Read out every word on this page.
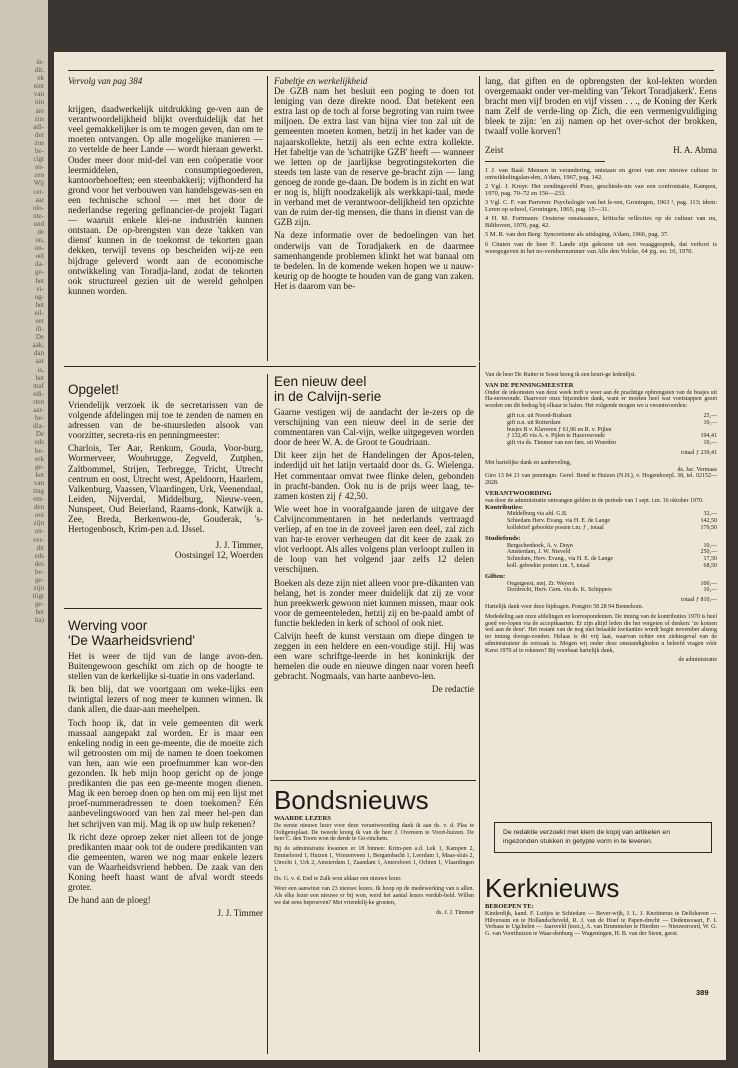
in-
dit,
ek
niet
van
nin
are
zus
adi-
der
zus
be-
cigt
on-
zen
Wij
cer-
aar
olo-
nte-
und
de
on,
on-
oel
da-
ge-
het
vi-
ug-
het
eil-
eer
ift-
De
aak,
dan
aar
is,
het
maf
edi-
rten
aar-
be-
dia-
De
eds
be-
erk
ge-
ket
van
ting
em-
den
ooi
zijn
on-
ver-
dit
eds
des
be-
ge-
zijn
tiigt
ge-
het
ita)

Vervolg van pag 384

krijgen, daadwerkelijk uitdrukking ge-ven aan de verantwoordelijkheid blijkt overduidelijk dat het veel gemakkelijker is om te mogen geven, dan om te moeten ontvangen. Op alle mogelijke manieren — zo vertelde de heer Lande — wordt hieraan gewerkt. Onder meer door mid-del van een coöperatie voor leermiddelen, consumptiegoederen, kantoorbehoeften; een steenbakkerij; vijfhonderd ha grond voor het verbouwen van handelsgewas-sen en een technische school — met het door de nederlandse regering gefinancier-de projekt Tagari — waaruit enkele klei-ne industriën kunnen ontstaan. De op-brengsten van deze 'takken van dienst' kunnen in de toekomst de tekorten gaan dekken, terwijl tevens op bescheiden wij-ze een bijdrage geleverd wordt aan de economische ontwikkeling van Toradja-land, zodat de tekorten ook structureel gezien uit de wereld geholpen kunnen worden.

Fabeltje en werkelijkheid

De GZB nam het besluit een poging te doen tot leniging van deze direkte nood. Dat betekent een extra last op de toch al forse begroting van ruim twee miljoen. De extra last van bijna vier ton zal uit de gemeenten moeten komen, hetzij in het kader van de najaarskollekte, hetzij als een echte extra kollekte. Het fabeltje van de 'schatrijke GZB' heeft — wanneer we letten op de jaarlijkse begrotingstekorten die steeds ten laste van de reserve ge-bracht zijn — lang genoeg de ronde ge-daan. De bodem is in zicht en wat er nog is, blijft noodzakelijk als werkkapi-taal, mede in verband met de verantwoor-delijkheid ten opzichte van de ruim der-tig mensen, die thans in dienst van de GZB zijn.

Na deze informatie over de bedoelingen van het onderwijs van de Toradjakerk en de daarmee samenhangende problemen klinkt het wat banaal om te bedelen. In de komende weken hopen we u nauw-keurig op de hoogte te houden van de gang van zaken. Het is daarom van be-

lang, dat giften en de opbrengsten der kol-lekten worden overgemaakt onder ver-melding van 'Tekort Toradjakerk'. Eens bracht men vijf broden en vijf vissen . . ., de Koning der Kerk nam Zelf de verde-ling op Zich, die een vermenigvuldiging bleek te zijn: 'en zij namen op het over-schot der brokken, twaalf volle korven'!

Zeist	H. A. Abma

1 J. van Baal: Mensen in verandering, ontstaan en groei van een nieuwe cultuur in ontwikkelingslan-den, A'dam, 1967, pag. 142.

2 Vgl. J. Kruyt: Het zendingsveld Poso, geschiede-nis van een confrontatie, Kampen, 1970, pag. 70–72 en 156—233.

3 Vgl. C. F. van Parreren: Psychologie van het le-ren, Groningen, 1963 ², pag. 113; idem: Leren op school, Groningen, 1965, pag. 15—31.

4 H. M. Fortmann: Oosterse renaissance, kritische reflecties op de cultuur van nu, Bilthoven, 1970, pag. 42.

5 M. R. van den Berg: Syncretisme als uitdaging, A'dam, 1966, pag. 37.

6 Citaten van de heer F. Lande zijn gekozen uit een vraaggesprek, dat verkort is weergegeven in het no-vembernummer van Alle den Volcke, 64 jrg. no. 10, 1970.

Opgelet!

Vriendelijk verzoek ik de secretarissen van de volgende afdelingen mij toe te zenden de namen en adressen van de be-stuursleden alsook van voorzitter, secreta-ris en penningmeester:

Charlois, Ter Aar, Renkum, Gouda, Voor-burg, Wormerveer, Woubrugge, Zegveld, Zutphen, Zaltbommel, Strijen, Terbregge, Tricht, Utrecht centrum en oost, Utrecht west, Apeldoorn, Haarlem, Valkenburg, Vaassen, Vlaardingen, Urk, Veenendaal, Leiden, Nijverdal, Middelburg, Nieuw-veen, Nunspeet, Oud Beierland, Raams-donk, Katwijk a. Zee, Breda, Berkenwou-de, Gouderak, 's-Hertogenbosch, Krim-pen a.d. IJssel.

J. J. Timmer,

Oostsingel 12, Woerden

Werving voor
'De Waarheidsvriend'

Het is weer de tijd van de lange avon-den. Buitengewoon geschikt om zich op de hoogte te stellen van de kerkelijke si-tuatie in ons vaderland.

Ik ben blij, dat we voortgaan om weke-lijks een twintigtal lezers of nog meer te kunnen winnen. Ik dank allen, die daar-aan meehelpen.

Toch hoop ik, dat in vele gemeenten dit werk massaal aangepakt zal worden. Er is maar een enkeling nodig in een ge-meente, die de moeite zich wil getroosten om mij de namen te doen toekomen van hen, aan wie een proefnummer kan wor-den gezonden. Ik heb mijn hoop gericht op de jonge predikanten die pas een ge-meente mogen dienen. Mag ik een beroep doen op hen om mij een lijst met proef-nummeradressen te doen toekomen? Eén aanbevelingswoord van hen zal meer hel-pen dan het schrijven van mij. Mag ik op uw hulp rekenen?

Ik richt deze oproep zeker niet alleen tot de jonge predikanten maar ook tot de oudere predikanten van die gemeenten, waren we nog maar enkele lezers van de Waarheidsvriend hebben. De zaak van den Koning heeft haast want de afval wordt steeds groter.

De hand aan de ploeg!

J. J. Timmer

Een nieuw deel
in de Calvijn-serie

Gaarne vestigen wij de aandacht der le-zers op de verschijning van een nieuw deel in de serie der commentaren van Cal-vijn, welke uitgegeven worden door de heer W. A. de Groot te Goudriaan.

Dit keer zijn het de Handelingen der Apos-telen, inderdijd uit het latijn vertaald door ds. G. Wielenga. Het commentaar omvat twee flinke delen, gebonden in pracht-banden. Ook nu is de prijs weer laag, te-zamen kosten zij ƒ 42,50.

Wie weet hoe in voorafgaande jaren de uitgave der Calvijncommentaren in het nederlands vertraagd verliep, af en toe in de zoveel jaren een deel, zal zich van har-te erover verheugen dat dit keer de zaak zo vlot verloopt. Als alles volgens plan verloopt zullen in de loop van het volgend jaar zelfs 12 delen verschijnen.

Boeken als deze zijn niet alleen voor pre-dikanten van belang, het is zonder meer duidelijk dat zij ze voor hun preekwerk gewoon niet kunnen missen, maar ook voor de gemeenteleden, hetzij zij en be-paald ambt of functie bekleden in kerk of school of ook niet.

Calvijn heeft de kunst verstaan om diepe dingen te zeggen in een heldere en een-voudige stijl. Hij was een ware schriftge-leerde in het koninkrijk der hemelen die oude en nieuwe dingen naar voren heeft gebracht. Nogmaals, van harte aanbevo-len.

De redactie

Bondsnieuws

WAARDE LEZERS

De eerste nieuwe lezer voor deze verantwoording dank ik aan ds. v. d. Plas te Ooltgensplaat. De tweede kreeg ik van de heer J. Overeem te Voort-huizen. De heer C. den Toom won de derde te Go-rinchem.

Bij de administratie kwamen er 18 binnen: Krim-pen a.d. Lek 1, Kampen 2, Emmeloord 1, Huizen 1, Vriezenveen 1, Bergambacht 1, Leerdam 1, Maas-sluis 2, Utrecht 1, Urk 2, Amsterdam 1, Zaandam 1, Amersfoort 1, Ochten 1, Vlaardingen 1.

Ds. G. v. d. End te Zalk won aldaar een nieuwe lezer.

Weer een aanwinst van 23 nieuwe lezers. Ik hoop op de medewerking van u allen. Als elke lezer een nieuwe er bij won, werd het aantal lezers verdub-beld. Willen we dat eens beproeven? Met vriendelij-ke groeten,

ds. J. J. Timmer

Van de heer De Ruiter te Soest kreeg ik een keuri-ge ledenlijst.

VAN DE PENNINGMEESTER

Onder de inkomsten van deze week treft u weer aan de prachtige opbrengsten van de busjes uit Ha-zerswoude. Daarvoor onze bijzondere dank, want er moeten heel wat voetstappen gezet worden om dit bedrag bij elkaar te halen. Het volgende mogen we u verantwoorden:

gift n.n. uit Noord-Brabant	25,—
gift n.n. uit Rotterdam	10,—
busjes B v. Klaveren ƒ 61,96 en R. v. Pijlen
ƒ 132,45 via A. v. Pijlen te Hazerswoude	194,41
gift via ds. Timmer van een fam. uit Woerden	10,—

totaal ƒ 239,41

Met hartelijke dank en aanbeveling,

ds. Jac. Vermaas

Giro 13 84 21 van penningm. Geref. Bond te Huizen (N.H.), v. Hogendoorpl. 38, tel. 02152—2028.

VERANTWOORDING

van door de administratie ontvangen gelden in de periode van 1 sept. t.m. 16 oktober 1970.

Kontributies:

Middelburg via afd. G.B.	32,—
Schiedam Herv. Evang. via H. E. de Lange	142,50
kollektief gebookte posten t.m. ƒ , totaal	179,50

Studiefonds:

Bergschenhoek, A. v. Duyn	10,—
Amsterdam, J. W. Nieveld	250,—
Schiedam, Herv. Evang., via H. E. de Lange	17,50
koll. geboekte posten t.m. 5, totaal	68,50

Giften:

Oegstgeest, mej. Zr. Weyers	100,—
Dordrecht, Herv. Gem. via ds. K. Schippers	10,—

totaal ƒ 810,—

Hartelijk dank voor deze bijdragen. Postgiro 58 28 94 Bennekom.

Mededeling aan onze afdelingen en korrespondenten. De inning van de kontributies 1970 is heel goed ver-lopen via de acceptkaarten. Er zijn altijd leden die het vergeten of denken: 'ze komen wel aan de deur'. Het restant van de nog niet betaalde kwitanties wordt begin november alsnog ter inning doorge-zonden. Helaas is dit vrij laat, waarvan echter een ziektegeval van de administrateur de oorzaak is. Mogen wij onder deze omstandigheden u beleefd vragen vóór Kerst 1970 af te rekenen? Bij voorbaat hartelijk dank,

de administratie

De redaktie verzoekt met klem de kopij van artikelen en ingezonden stukken in getypte vorm in te leveren.
Kerknieuws

BEROEPEN TE:

Kinderdijk, kand. F. Luitjes te Schiedam — Bever-wijk, J. L. J. Knottnerus te Delfshaven — Hilversum en te Hollandscheveld, R. J. van de Hoef te Papen-drecht — Dedemsvaart, F. I. Verbaas te Ugchelen — Jaarsveld (toez.), A. van Brummelen te Hierden — Nieuweroord, W. G. G. van Voorthuizen te Waar-denburg — Wageningen, H. B. van der Steen, geest.

389
